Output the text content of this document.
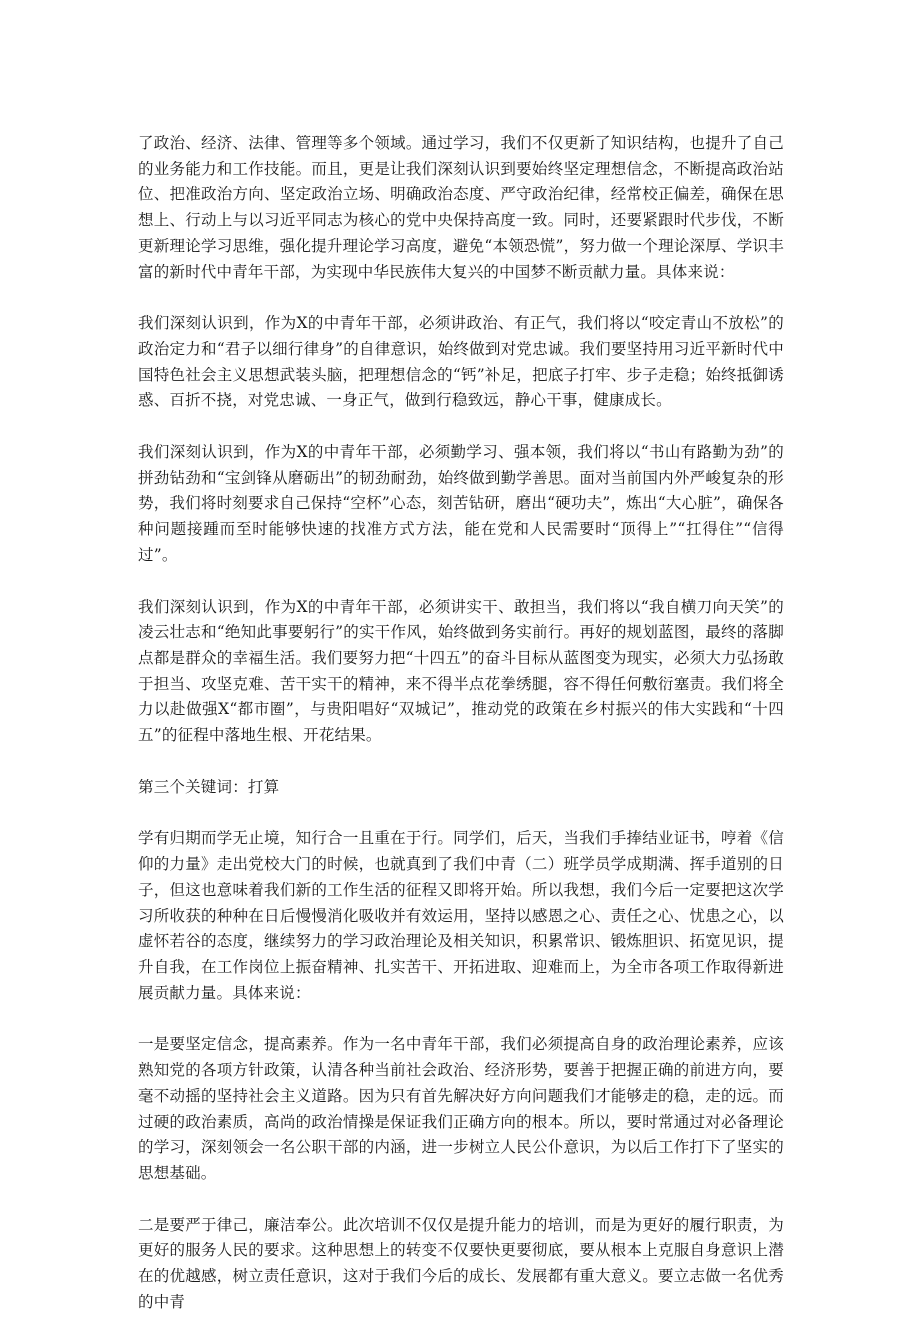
了政治、经济、法律、管理等多个领域。通过学习，我们不仅更新了知识结构，也提升了自己的业务能力和工作技能。而且，更是让我们深刻认识到要始终坚定理想信念，不断提高政治站位、把准政治方向、坚定政治立场、明确政治态度、严守政治纪律，经常校正偏差，确保在思想上、行动上与以习近平同志为核心的党中央保持高度一致。同时，还要紧跟时代步伐，不断更新理论学习思维，强化提升理论学习高度，避免“本领恐慌”，努力做一个理论深厚、学识丰富的新时代中青年干部，为实现中华民族伟大复兴的中国梦不断贡献力量。具体来说：

我们深刻认识到，作为X的中青年干部，必须讲政治、有正气，我们将以“咬定青山不放松”的政治定力和“君子以细行律身”的自律意识，始终做到对党忠诚。我们要坚持用习近平新时代中国特色社会主义思想武装头脑，把理想信念的“钙”补足，把底子打牢、步子走稳；始终抵御诱惑、百折不挠，对党忠诚、一身正气，做到行稳致远，静心干事，健康成长。

我们深刻认识到，作为X的中青年干部，必须勤学习、强本领，我们将以“书山有路勤为劲”的拼劲钻劲和“宝剑锋从磨砺出”的韧劲耐劲，始终做到勤学善思。面对当前国内外严峻复杂的形势，我们将时刻要求自己保持“空杯”心态，刻苦钻研，磨出“硬功夫”，炼出“大心脏”，确保各种问题接踵而至时能够快速的找准方式方法，能在党和人民需要时“顶得上”“扛得住”“信得过”。

我们深刻认识到，作为X的中青年干部，必须讲实干、敢担当，我们将以“我自横刀向天笑”的凌云壮志和“绝知此事要躬行”的实干作风，始终做到务实前行。再好的规划蓝图，最终的落脚点都是群众的幸福生活。我们要努力把“十四五”的奋斗目标从蓝图变为现实，必须大力弘扬敢于担当、攻坚克难、苦干实干的精神，来不得半点花拳绣腿，容不得任何敷衍塞责。我们将全力以赴做强X“都市圈”，与贵阳唱好“双城记”，推动党的政策在乡村振兴的伟大实践和“十四五”的征程中落地生根、开花结果。

第三个关键词：打算

学有归期而学无止境，知行合一且重在于行。同学们，后天，当我们手捧结业证书，哼着《信仰的力量》走出党校大门的时候，也就真到了我们中青（二）班学员学成期满、挥手道别的日子，但这也意味着我们新的工作生活的征程又即将开始。所以我想，我们今后一定要把这次学习所收获的种种在日后慢慢消化吸收并有效运用，坚持以感恩之心、责任之心、忧患之心，以虚怀若谷的态度，继续努力的学习政治理论及相关知识，积累常识、锻炼胆识、拓宽见识，提升自我，在工作岗位上振奋精神、扎实苦干、开拓进取、迎难而上，为全市各项工作取得新进展贡献力量。具体来说：

一是要坚定信念，提高素养。作为一名中青年干部，我们必须提高自身的政治理论素养，应该熟知党的各项方针政策，认清各种当前社会政治、经济形势，要善于把握正确的前进方向，要毫不动摇的坚持社会主义道路。因为只有首先解决好方向问题我们才能够走的稳，走的远。而过硬的政治素质，高尚的政治情操是保证我们正确方向的根本。所以，要时常通过对必备理论的学习，深刻领会一名公职干部的内涵，进一步树立人民公仆意识，为以后工作打下了坚实的思想基础。

二是要严于律己，廉洁奉公。此次培训不仅仅是提升能力的培训，而是为更好的履行职责，为更好的服务人民的要求。这种思想上的转变不仅要快更要彻底，要从根本上克服自身意识上潜在的优越感，树立责任意识，这对于我们今后的成长、发展都有重大意义。要立志做一名优秀的中青
